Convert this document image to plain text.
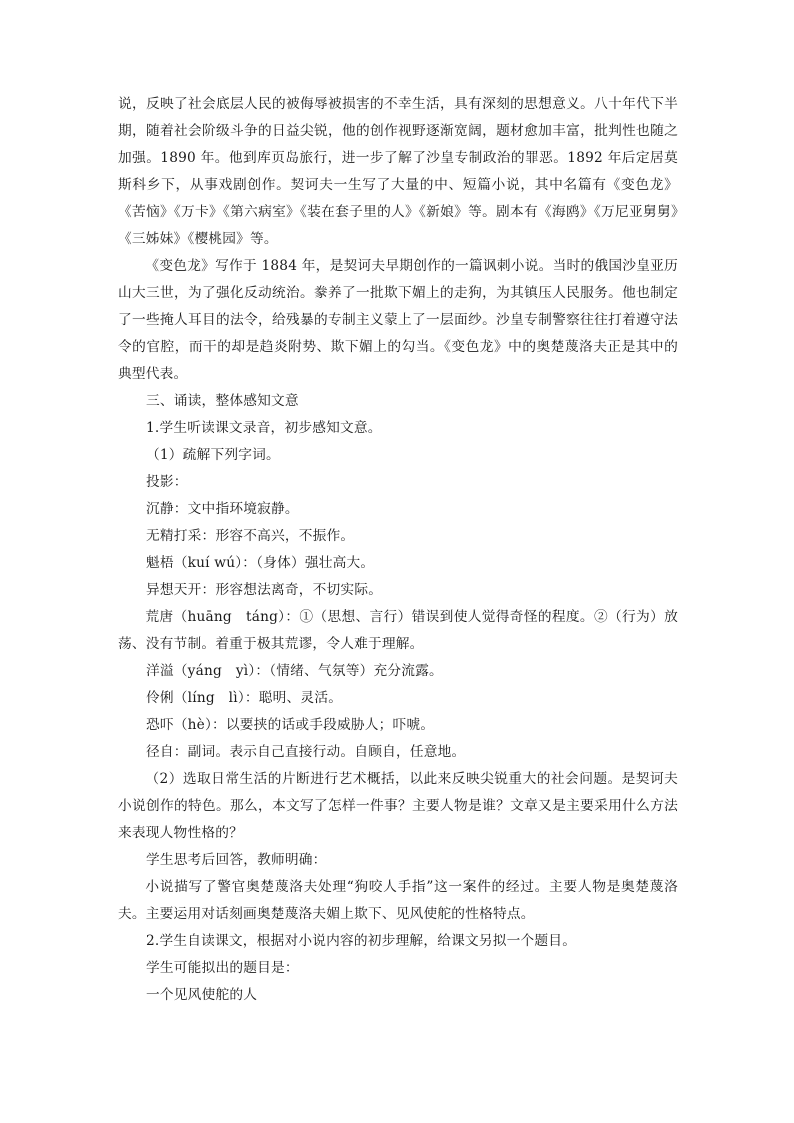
说，反映了社会底层人民的被侮辱被损害的不幸生活，具有深刻的思想意义。八十年代下半期，随着社会阶级斗争的日益尖锐，他的创作视野逐渐宽阔，题材愈加丰富，批判性也随之加强。1890 年。他到库页岛旅行，进一步了解了沙皇专制政治的罪恶。1892 年后定居莫斯科乡下，从事戏剧创作。契诃夫一生写了大量的中、短篇小说，其中名篇有《变色龙》《苦恼》《万卡》《第六病室》《装在套子里的人》《新娘》等。剧本有《海鸥》《万尼亚舅舅》《三姊妹》《樱桃园》等。

《变色龙》写作于 1884 年，是契诃夫早期创作的一篇讽刺小说。当时的俄国沙皇亚历山大三世，为了强化反动统治。豢养了一批欺下媚上的走狗，为其镇压人民服务。他也制定了一些掩人耳目的法令，给残暴的专制主义蒙上了一层面纱。沙皇专制警察往往打着遵守法令的官腔，而干的却是趋炎附势、欺下媚上的勾当。《变色龙》中的奥楚蔑洛夫正是其中的典型代表。

三、诵读，整体感知文意

1.学生听读课文录音，初步感知文意。

（1）疏解下列字词。

投影：

沉静：文中指环境寂静。

无精打采：形容不高兴，不振作。

魁梧（kuí wú）：（身体）强壮高大。

异想天开：形容想法离奇，不切实际。

荒唐（huāng　táng）：①（思想、言行）错误到使人觉得奇怪的程度。②（行为）放荡、没有节制。着重于极其荒谬，令人难于理解。

洋溢（yáng　yì）：（情绪、气氛等）充分流露。

伶俐（líng　lì）：聪明、灵活。

恐吓（hè）：以要挟的话或手段威胁人；吓唬。

径自：副词。表示自己直接行动。自顾自，任意地。

（2）选取日常生活的片断进行艺术概括，以此来反映尖锐重大的社会问题。是契诃夫小说创作的特色。那么，本文写了怎样一件事？主要人物是谁？文章又是主要采用什么方法来表现人物性格的？

学生思考后回答，教师明确：

小说描写了警官奥楚蔑洛夫处理“狗咬人手指”这一案件的经过。主要人物是奥楚蔑洛夫。主要运用对话刻画奥楚蔑洛夫媚上欺下、见风使舵的性格特点。

2.学生自读课文，根据对小说内容的初步理解，给课文另拟一个题目。

学生可能拟出的题目是：

一个见风使舵的人
